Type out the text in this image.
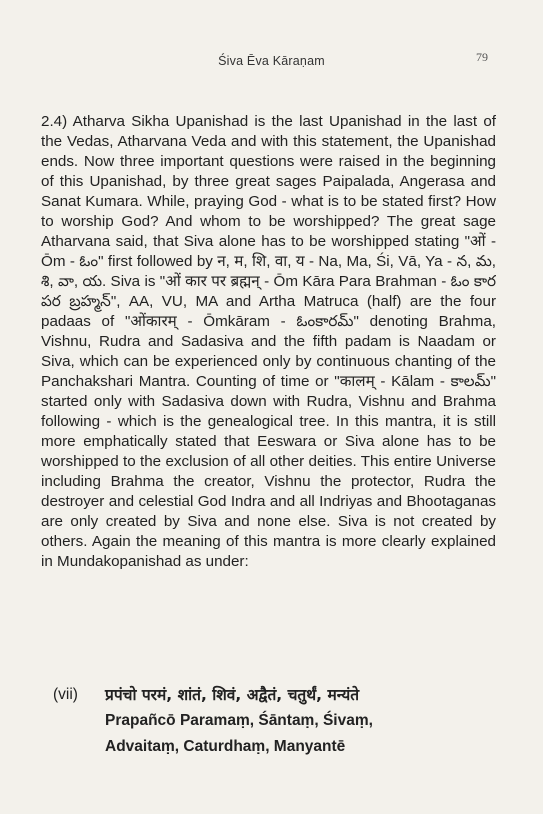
Śiva Ēva Kāraṇam	79

2.4) Atharva Sikha Upanishad is the last Upanishad in the last of the Vedas, Atharvana Veda and with this statement, the Upanishad ends. Now three important questions were raised in the beginning of this Upanishad, by three great sages Paipalada, Angerasa and Sanat Kumara. While, praying God - what is to be stated first? How to worship God? And whom to be worshipped? The great sage Atharvana said, that Siva alone has to be worshipped stating "ओं - Ōm - ఓం" first followed by न, म, शि, वा, य - Na, Ma, Śi, Vā, Ya - న, మ, శి, వా, య. Siva is "ओं कार पर ब्रह्मन् - Ōm Kāra Para Brahman - ఓం కార పర బ్రహ్మన్", AA, VU, MA and Artha Matruca (half) are the four padaas of "ओंकारम् - Ōmkāram - ఓంకారమ్" denoting Brahma, Vishnu, Rudra and Sadasiva and the fifth padam is Naadam or Siva, which can be experienced only by continuous chanting of the Panchakshari Mantra. Counting of time or "कालम् - Kālam - కాలమ్" started only with Sadasiva down with Rudra, Vishnu and Brahma following - which is the genealogical tree. In this mantra, it is still more emphatically stated that Eeswara or Siva alone has to be worshipped to the exclusion of all other deities. This entire Universe including Brahma the creator, Vishnu the protector, Rudra the destroyer and celestial God Indra and all Indriyas and Bhootaganas are only created by Siva and none else. Siva is not created by others. Again the meaning of this mantra is more clearly explained in Mundakopanishad as under:

(vii)	प्रपंचो परमं, शांतं, शिवं, अद्वैतं, चतुर्थं, मन्यंते
Prapañcō Paramaṃ, Śāntaṃ, Śivaṃ,
Advaitaṃ, Caturdhaṃ, Manyantē
